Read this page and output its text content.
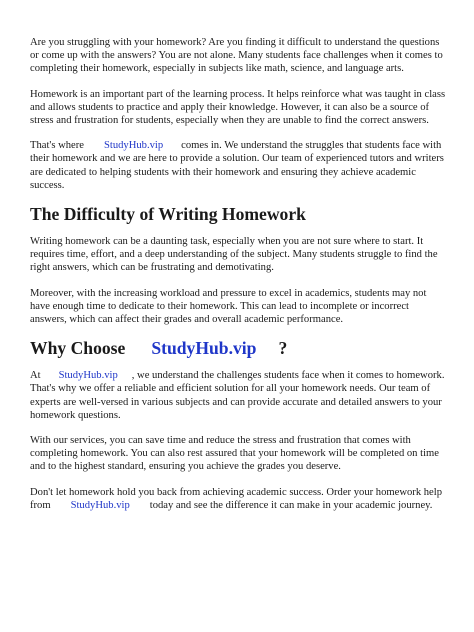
Are you struggling with your homework? Are you finding it difficult to understand the questions or come up with the answers? You are not alone. Many students face challenges when it comes to completing their homework, especially in subjects like math, science, and language arts.

Homework is an important part of the learning process. It helps reinforce what was taught in class and allows students to practice and apply their knowledge. However, it can also be a source of stress and frustration for students, especially when they are unable to find the correct answers.

That's where StudyHub.vip comes in. We understand the struggles that students face with their homework and we are here to provide a solution. Our team of experienced tutors and writers are dedicated to helping students with their homework and ensuring they achieve academic success.

The Difficulty of Writing Homework

Writing homework can be a daunting task, especially when you are not sure where to start. It requires time, effort, and a deep understanding of the subject. Many students struggle to find the right answers, which can be frustrating and demotivating.

Moreover, with the increasing workload and pressure to excel in academics, students may not have enough time to dedicate to their homework. This can lead to incomplete or incorrect answers, which can affect their grades and overall academic performance.

Why Choose StudyHub.vip ?

At StudyHub.vip , we understand the challenges students face when it comes to homework. That's why we offer a reliable and efficient solution for all your homework needs. Our team of experts are well-versed in various subjects and can provide accurate and detailed answers to your homework questions.

With our services, you can save time and reduce the stress and frustration that comes with completing homework. You can also rest assured that your homework will be completed on time and to the highest standard, ensuring you achieve the grades you deserve.

Don't let homework hold you back from achieving academic success. Order your homework help from StudyHub.vip today and see the difference it can make in your academic journey.
